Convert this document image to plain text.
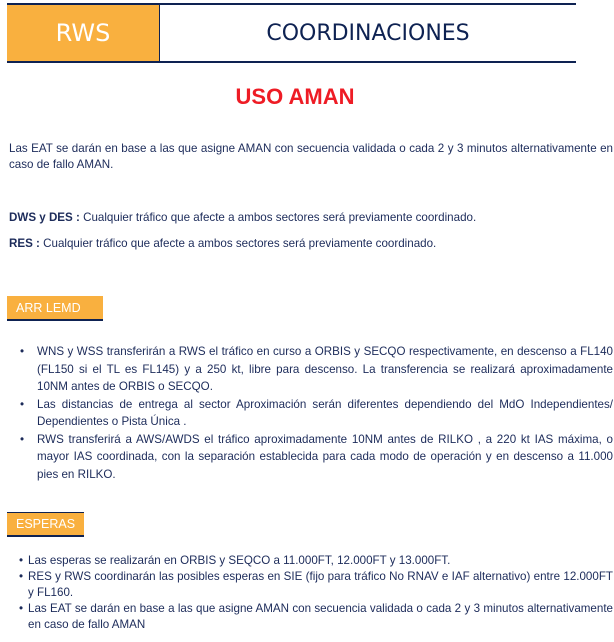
RWS	COORDINACIONES
USO AMAN
Las EAT se darán en base a las que asigne AMAN con secuencia validada o cada 2 y 3 minutos alternativamente en caso de fallo AMAN.
DWS y DES : Cualquier tráfico que afecte a ambos sectores será previamente coordinado.
RES : Cualquier tráfico que afecte a ambos sectores será previamente coordinado.
ARR LEMD
• WNS y WSS transferirán a RWS el tráfico en curso a ORBIS y SECQO respectivamente, en descenso a FL140 (FL150 si el TL es FL145) y a 250 kt, libre para descenso. La transferencia se realizará aproximadamente 10NM antes de ORBIS o SECQO.
• Las distancias de entrega al sector Aproximación serán diferentes dependiendo del MdO Independientes/ Dependientes o Pista Única .
• RWS transferirá a AWS/AWDS el tráfico aproximadamente 10NM antes de RILKO , a 220 kt IAS máxima, o mayor IAS coordinada, con la separación establecida para cada modo de operación y en descenso a 11.000 pies en RILKO.
ESPERAS
• Las esperas se realizarán en ORBIS y SEQCO a 11.000FT, 12.000FT y 13.000FT.
• RES y RWS coordinarán las posibles esperas en SIE (fijo para tráfico No RNAV e IAF alternativo) entre 12.000FT y FL160.
• Las EAT se darán en base a las que asigne AMAN con secuencia validada o cada 2 y 3 minutos alternativamente en caso de fallo AMAN
